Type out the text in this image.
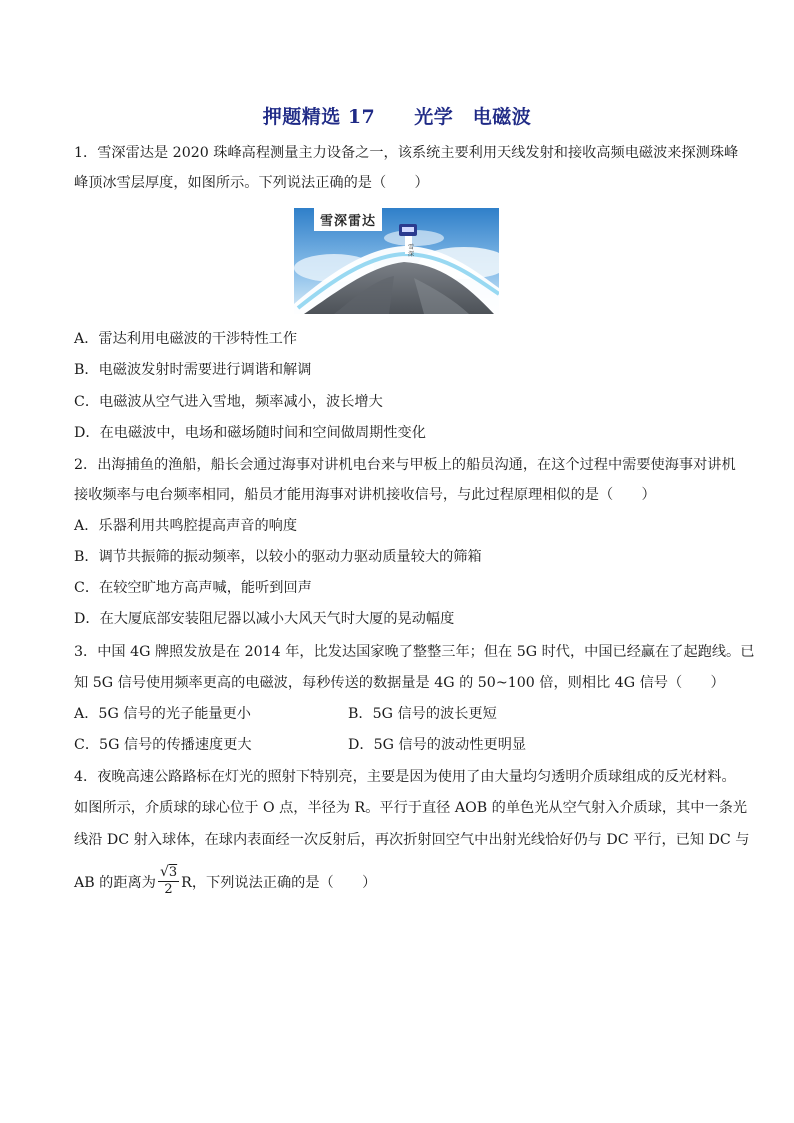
押题精选 17　　光学　电磁波
1．雪深雷达是 2020 珠峰高程测量主力设备之一，该系统主要利用天线发射和接收高频电磁波来探测珠峰
峰顶冰雪层厚度，如图所示。下列说法正确的是（　　）
雪深雷达
雪深
A．雷达利用电磁波的干涉特性工作
B．电磁波发射时需要进行调谐和解调
C．电磁波从空气进入雪地，频率减小，波长增大
D．在电磁波中，电场和磁场随时间和空间做周期性变化
2．出海捕鱼的渔船，船长会通过海事对讲机电台来与甲板上的船员沟通，在这个过程中需要使海事对讲机
接收频率与电台频率相同，船员才能用海事对讲机接收信号，与此过程原理相似的是（　　）
A．乐器利用共鸣腔提高声音的响度
B．调节共振筛的振动频率，以较小的驱动力驱动质量较大的筛箱
C．在较空旷地方高声喊，能听到回声
D．在大厦底部安装阻尼器以减小大风天气时大厦的晃动幅度
3．中国 4G 牌照发放是在 2014 年，比发达国家晚了整整三年；但在 5G 时代，中国已经赢在了起跑线。已
知 5G 信号使用频率更高的电磁波，每秒传送的数据量是 4G 的 50~100 倍，则相比 4G 信号（　　）
A．5G 信号的光子能量更小	B．5G 信号的波长更短
C．5G 信号的传播速度更大	D．5G 信号的波动性更明显
4．夜晚高速公路路标在灯光的照射下特别亮，主要是因为使用了由大量均匀透明介质球组成的反光材料。
如图所示，介质球的球心位于 O 点，半径为 R。平行于直径 AOB 的单色光从空气射入介质球，其中一条光
线沿 DC 射入球体，在球内表面经一次反射后，再次折射回空气中出射光线恰好仍与 DC 平行，已知 DC 与
AB 的距离为 $\frac{√3}{2}$ R，下列说法正确的是（　　）
